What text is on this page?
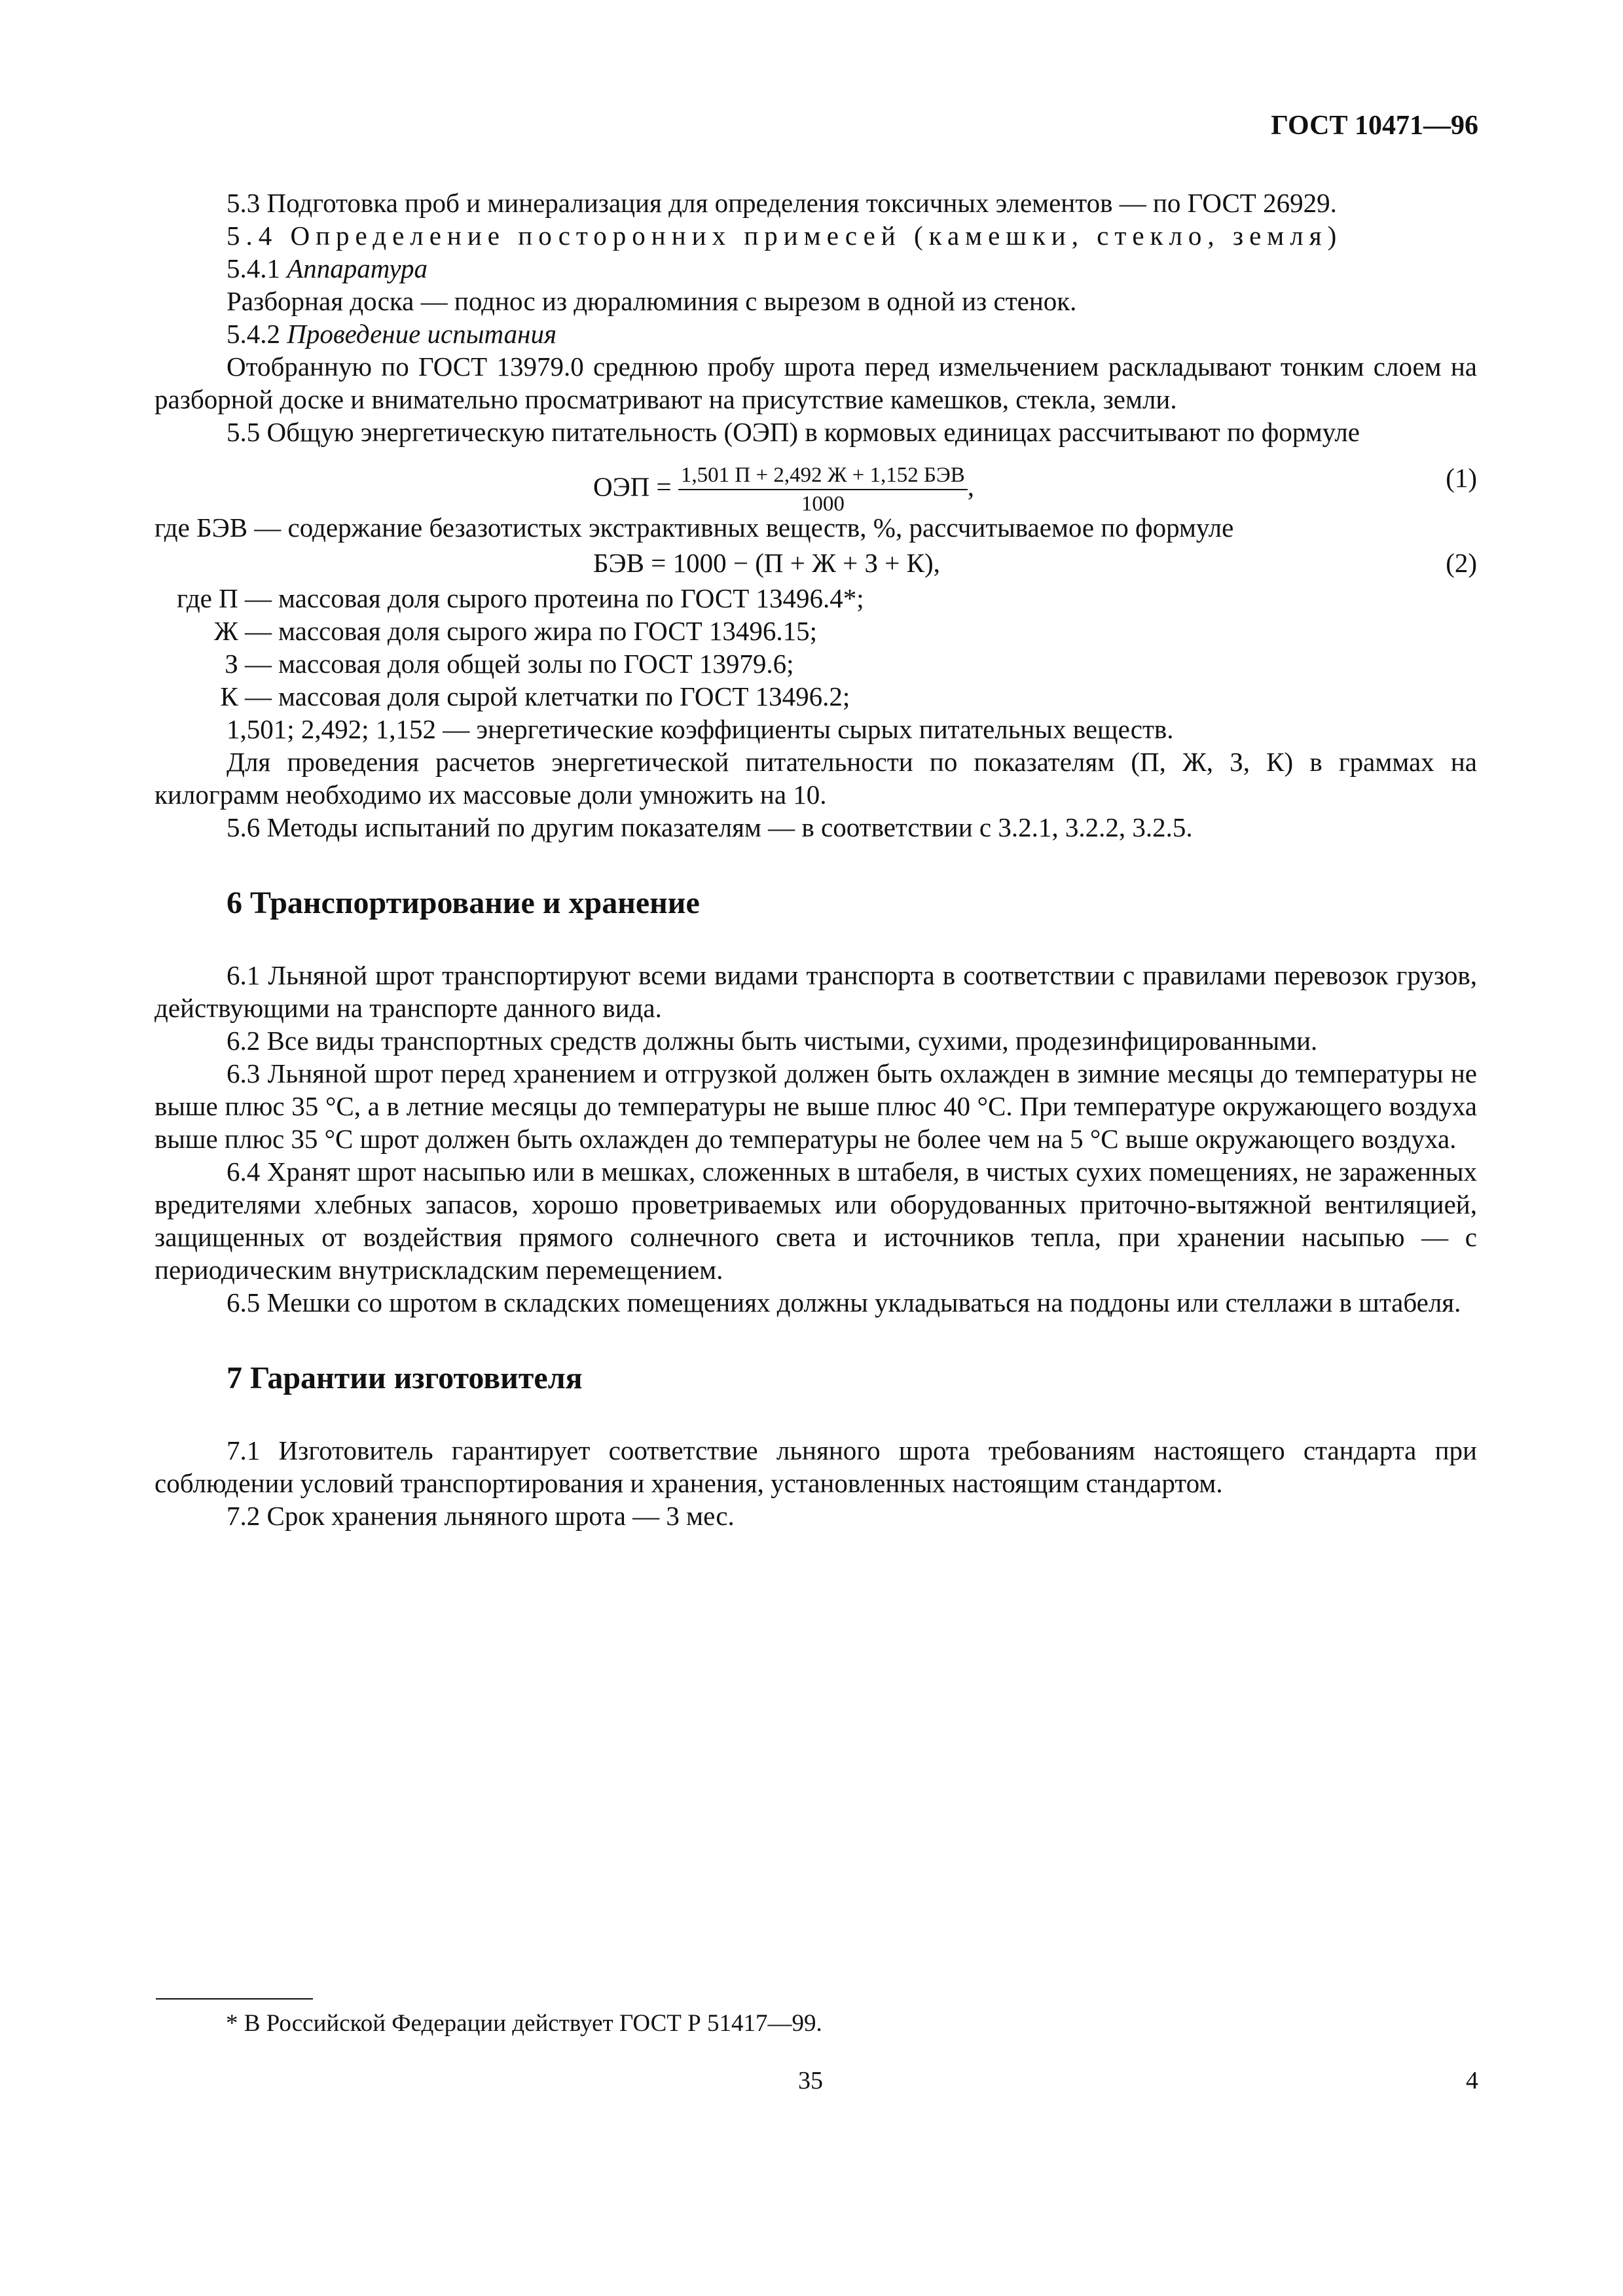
ГОСТ 10471—96

5.3 Подготовка проб и минерализация для определения токсичных элементов — по ГОСТ 26929.

5.4 Определение посторонних примесей (камешки, стекло, земля)

5.4.1 Аппаратура

Разборная доска — поднос из дюралюминия с вырезом в одной из стенок.

5.4.2 Проведение испытания

Отобранную по ГОСТ 13979.0 среднюю пробу шрота перед измельчением раскладывают тонким слоем на разборной доске и внимательно просматривают на присутствие камешков, стекла, земли.

5.5 Общую энергетическую питательность (ОЭП) в кормовых единицах рассчитывают по формуле

ОЭП = $\frac{\text{1,501 П + 2,492 Ж + 1,152 БЭВ}}{1000}$ ,	(1)

где БЭВ — содержание безазотистых экстрактивных веществ, %, рассчитываемое по формуле

БЭВ = 1000 − (П + Ж + З + К),	(2)
где П — массовая доля сырого протеина по ГОСТ 13496.4*;
Ж — массовая доля сырого жира по ГОСТ 13496.15;
З — массовая доля общей золы по ГОСТ 13979.6;
К — массовая доля сырой клетчатки по ГОСТ 13496.2;

1,501; 2,492; 1,152 — энергетические коэффициенты сырых питательных веществ.

Для проведения расчетов энергетической питательности по показателям (П, Ж, З, К) в граммах на килограмм необходимо их массовые доли умножить на 10.

5.6 Методы испытаний по другим показателям — в соответствии с 3.2.1, 3.2.2, 3.2.5.

6 Транспортирование и хранение

6.1 Льняной шрот транспортируют всеми видами транспорта в соответствии с правилами перевозок грузов, действующими на транспорте данного вида.

6.2 Все виды транспортных средств должны быть чистыми, сухими, продезинфицированными.

6.3 Льняной шрот перед хранением и отгрузкой должен быть охлажден в зимние месяцы до температуры не выше плюс 35 °С, а в летние месяцы до температуры не выше плюс 40 °С. При температуре окружающего воздуха выше плюс 35 °С шрот должен быть охлажден до температуры не более чем на 5 °С выше окружающего воздуха.

6.4 Хранят шрот насыпью или в мешках, сложенных в штабеля, в чистых сухих помещениях, не зараженных вредителями хлебных запасов, хорошо проветриваемых или оборудованных приточно-вытяжной вентиляцией, защищенных от воздействия прямого солнечного света и источников тепла, при хранении насыпью — с периодическим внутрискладским перемещением.

6.5 Мешки со шротом в складских помещениях должны укладываться на поддоны или стеллажи в штабеля.

7 Гарантии изготовителя

7.1 Изготовитель гарантирует соответствие льняного шрота требованиям настоящего стандарта при соблюдении условий транспортирования и хранения, установленных настоящим стандартом.

7.2 Срок хранения льняного шрота — 3 мес.

* В Российской Федерации действует ГОСТ Р 51417—99.
35	4
